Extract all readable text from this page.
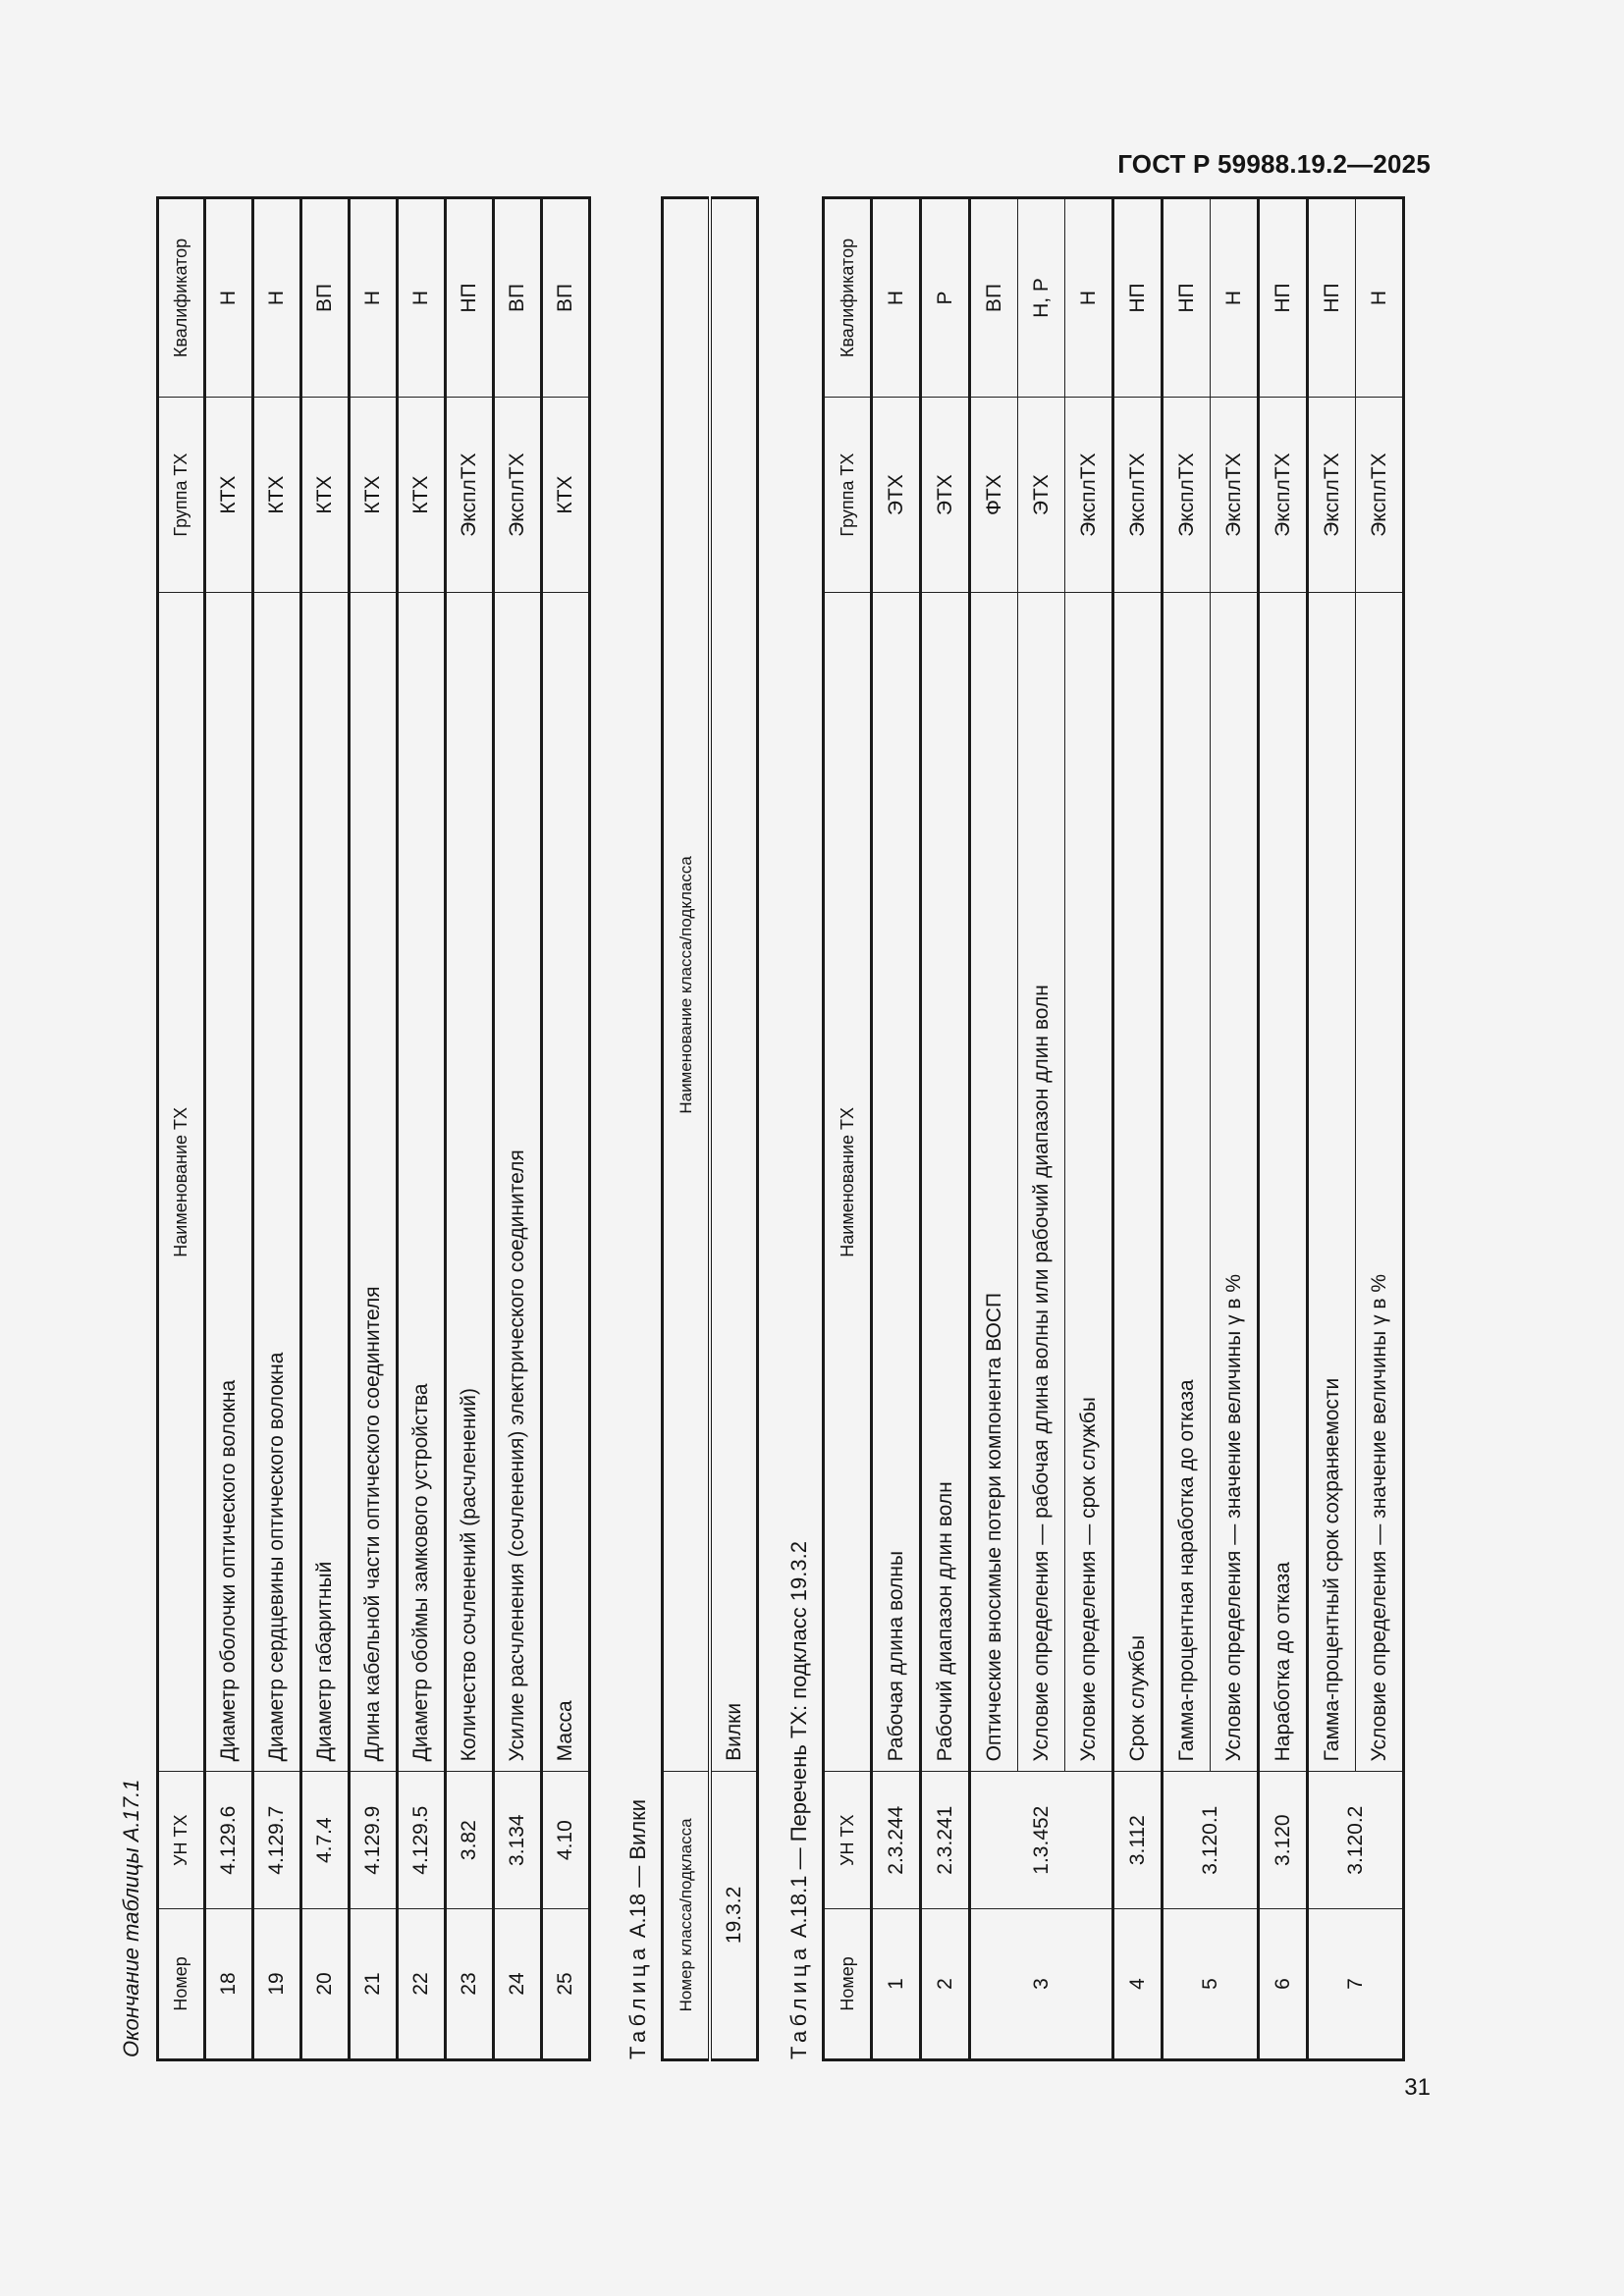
ГОСТ Р 59988.19.2—2025
Окончание таблицы А.17.1	Номер	УН ТХ	Наименование ТХ	Группа ТХ	Квалификатор
18	4.129.6	Диаметр оболочки оптического волокна	КТХ	Н
19	4.129.7	Диаметр сердцевины оптического волокна	КТХ	Н
20	4.7.4	Диаметр габаритный	КТХ	ВП
21	4.129.9	Длина кабельной части оптического соединителя	КТХ	Н
22	4.129.5	Диаметр обоймы замкового устройства	КТХ	Н
23	3.82	Количество сочленений (расчленений)	ЭксплТХ	НП
24	3.134	Усилие расчленения (сочленения) электрического соединителя	ЭксплТХ	ВП
25	4.10	Масса	КТХ	ВП
Таблица А.18 — Вилки	Номер класса/подкласса	Наименование класса/подкласса
19.3.2	Вилки
Таблица А.18.1 — Перечень ТХ: подкласс 19.3.2
Номер	УН ТХ	Наименование ТХ	Группа ТХ	Квалификатор
1	2.3.244	Рабочая длина волны	ЭТХ	Н
2	2.3.241	Рабочий диапазон длин волн	ЭТХ	Р
3	1.3.452	Оптические вносимые потери компонента ВОСП	ФТХ	ВП
		Условие определения — рабочая длина волны или рабочий диапазон длин волн	ЭТХ	Н, Р
		Условие определения — срок службы	ЭксплТХ	Н
4	3.112	Срок службы	ЭксплТХ	НП
5	3.120.1	Гамма-процентная наработка до отказа	ЭксплТХ	НП
		Условие определения — значение величины γ в %	ЭксплТХ	Н
6	3.120	Наработка до отказа	ЭксплТХ	НП
7	3.120.2	Гамма-процентный срок сохраняемости	ЭксплТХ	НП
		Условие определения — значение величины γ в %	ЭксплТХ	Н
31
